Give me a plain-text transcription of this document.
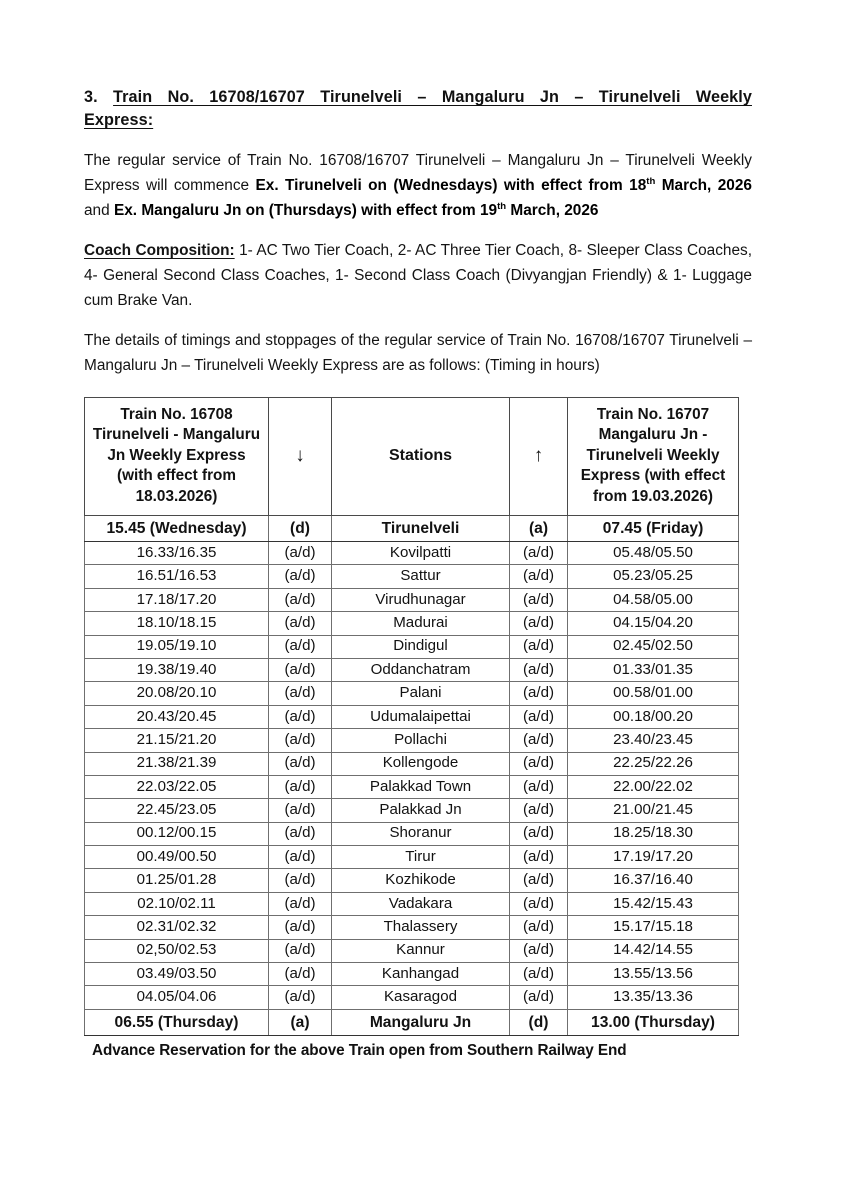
3. Train No. 16708/16707 Tirunelveli – Mangaluru Jn – Tirunelveli Weekly
Express:

The regular service of Train No. 16708/16707 Tirunelveli – Mangaluru Jn – Tirunelveli Weekly Express will commence Ex. Tirunelveli on (Wednesdays) with effect from 18th March, 2026 and Ex. Mangaluru Jn on (Thursdays) with effect from 19th March, 2026

Coach Composition: 1- AC Two Tier Coach, 2- AC Three Tier Coach, 8- Sleeper Class Coaches, 4- General Second Class Coaches, 1- Second Class Coach (Divyangjan Friendly) & 1- Luggage cum Brake Van.

The details of timings and stoppages of the regular service of Train No. 16708/16707 Tirunelveli – Mangaluru Jn – Tirunelveli Weekly Express are as follows: (Timing in hours)

Train No. 16708 Tirunelveli - Mangaluru Jn Weekly Express (with effect from 18.03.2026)	↓	Stations	↑	Train No. 16707 Mangaluru Jn - Tirunelveli Weekly Express (with effect from 19.03.2026)
15.45 (Wednesday)	(d)	Tirunelveli	(a)	07.45 (Friday)
16.33/16.35	(a/d)	Kovilpatti	(a/d)	05.48/05.50
16.51/16.53	(a/d)	Sattur	(a/d)	05.23/05.25
17.18/17.20	(a/d)	Virudhunagar	(a/d)	04.58/05.00
18.10/18.15	(a/d)	Madurai	(a/d)	04.15/04.20
19.05/19.10	(a/d)	Dindigul	(a/d)	02.45/02.50
19.38/19.40	(a/d)	Oddanchatram	(a/d)	01.33/01.35
20.08/20.10	(a/d)	Palani	(a/d)	00.58/01.00
20.43/20.45	(a/d)	Udumalaipettai	(a/d)	00.18/00.20
21.15/21.20	(a/d)	Pollachi	(a/d)	23.40/23.45
21.38/21.39	(a/d)	Kollengode	(a/d)	22.25/22.26
22.03/22.05	(a/d)	Palakkad Town	(a/d)	22.00/22.02
22.45/23.05	(a/d)	Palakkad Jn	(a/d)	21.00/21.45
00.12/00.15	(a/d)	Shoranur	(a/d)	18.25/18.30
00.49/00.50	(a/d)	Tirur	(a/d)	17.19/17.20
01.25/01.28	(a/d)	Kozhikode	(a/d)	16.37/16.40
02.10/02.11	(a/d)	Vadakara	(a/d)	15.42/15.43
02.31/02.32	(a/d)	Thalassery	(a/d)	15.17/15.18
02,50/02.53	(a/d)	Kannur	(a/d)	14.42/14.55
03.49/03.50	(a/d)	Kanhangad	(a/d)	13.55/13.56
04.05/04.06	(a/d)	Kasaragod	(a/d)	13.35/13.36
06.55 (Thursday)	(a)	Mangaluru Jn	(d)	13.00 (Thursday)
Advance Reservation for the above Train open from Southern Railway End
